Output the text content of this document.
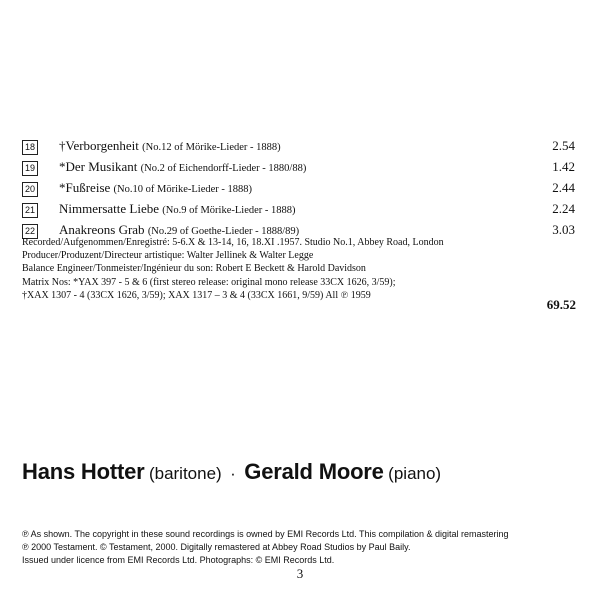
18 †Verborgenheit (No.12 of Mörike-Lieder - 1888)	2.54
19 *Der Musikant (No.2 of Eichendorff-Lieder - 1880/88)	1.42
20 *Fußreise (No.10 of Mörike-Lieder - 1888)	2.44
21 Nimmersatte Liebe (No.9 of Mörike-Lieder - 1888)	2.24
22 Anakreons Grab (No.29 of Goethe-Lieder - 1888/89)	3.03
Recorded/Aufgenommen/Enregistré: 5-6.X & 13-14, 16, 18.XI .1957. Studio No.1, Abbey Road, London
Producer/Produzent/Directeur artistique: Walter Jellinek & Walter Legge
Balance Engineer/Tonmeister/Ingénieur du son: Robert E Beckett & Harold Davidson
Matrix Nos: *YAX 397 - 5 & 6 (first stereo release: original mono release 33CX 1626, 3/59);
†XAX 1307 - 4 (33CX 1626, 3/59); XAX 1317 – 3 & 4 (33CX 1661, 9/59) All ℗ 1959
69.52
Hans Hotter (baritone) · Gerald Moore (piano)
℗ As shown. The copyright in these sound recordings is owned by EMI Records Ltd. This compilation & digital remastering
℗ 2000 Testament. © Testament, 2000. Digitally remastered at Abbey Road Studios by Paul Baily.
Issued under licence from EMI Records Ltd. Photographs: © EMI Records Ltd.
3
